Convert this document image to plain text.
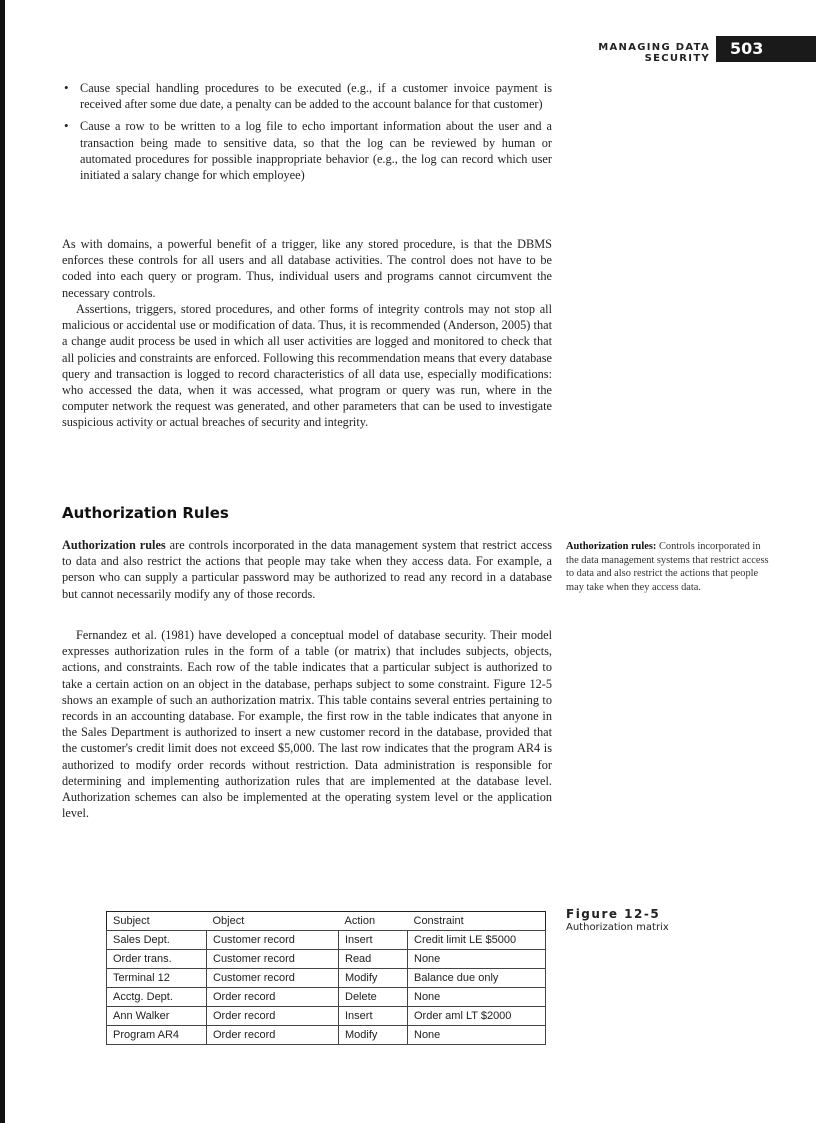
MANAGING DATA SECURITY
503
• Cause special handling procedures to be executed (e.g., if a customer invoice payment is received after some due date, a penalty can be added to the account balance for that customer)
• Cause a row to be written to a log file to echo important information about the user and a transaction being made to sensitive data, so that the log can be reviewed by human or automated procedures for possible inappropriate behavior (e.g., the log can record which user initiated a salary change for which employee)

As with domains, a powerful benefit of a trigger, like any stored procedure, is that the DBMS enforces these controls for all users and all database activities. The control does not have to be coded into each query or program. Thus, individual users and programs cannot circumvent the necessary controls.

Assertions, triggers, stored procedures, and other forms of integrity controls may not stop all malicious or accidental use or modification of data. Thus, it is recommended (Anderson, 2005) that a change audit process be used in which all user activities are logged and monitored to check that all policies and constraints are enforced. Following this recommendation means that every database query and transaction is logged to record characteristics of all data use, especially modifications: who accessed the data, when it was accessed, what program or query was run, where in the computer network the request was generated, and other parameters that can be used to investigate suspicious activity or actual breaches of security and integrity.

Authorization Rules

Authorization rules are controls incorporated in the data management system that restrict access to data and also restrict the actions that people may take when they access data. For example, a person who can supply a particular password may be authorized to read any record in a database but cannot necessarily modify any of those records.

Fernandez et al. (1981) have developed a conceptual model of database security. Their model expresses authorization rules in the form of a table (or matrix) that includes subjects, objects, actions, and constraints. Each row of the table indicates that a particular subject is authorized to take a certain action on an object in the database, perhaps subject to some constraint. Figure 12-5 shows an example of such an authorization matrix. This table contains several entries pertaining to records in an accounting database. For example, the first row in the table indicates that anyone in the Sales Department is authorized to insert a new customer record in the database, provided that the customer's credit limit does not exceed $5,000. The last row indicates that the program AR4 is authorized to modify order records without restriction. Data administration is responsible for determining and implementing authorization rules that are implemented at the database level. Authorization schemes can also be implemented at the operating system level or the application level.

Authorization rules: Controls incorporated in the data management systems that restrict access to data and also restrict the actions that people may take when they access data.
Figure 12-5
Authorization matrix
Subject	Object	Action	Constraint
Sales Dept.	Customer record	Insert	Credit limit LE $5000
Order trans.	Customer record	Read	None
Terminal 12	Customer record	Modify	Balance due only
Acctg. Dept.	Order record	Delete	None
Ann Walker	Order record	Insert	Order aml LT $2000
Program AR4	Order record	Modify	None
